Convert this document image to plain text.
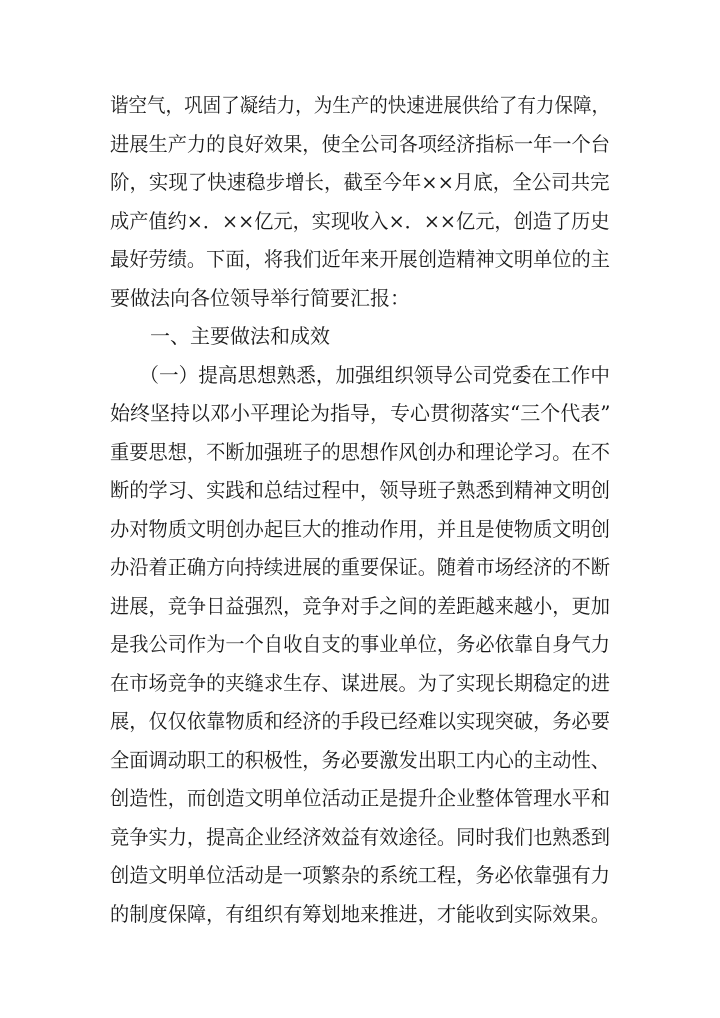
谐空气，巩固了凝结力，为生产的快速进展供给了有力保障，
进展生产力的良好效果，使全公司各项经济指标一年一个台
阶，实现了快速稳步增长，截至今年××月底，全公司共完
成产值约×．××亿元，实现收入×．××亿元，创造了历史
最好劳绩。下面，将我们近年来开展创造精神文明单位的主
要做法向各位领导举行简要汇报：
　　一、主要做法和成效
　　（一）提高思想熟悉，加强组织领导公司党委在工作中
始终坚持以邓小平理论为指导，专心贯彻落实“三个代表”
重要思想，不断加强班子的思想作风创办和理论学习。在不
断的学习、实践和总结过程中，领导班子熟悉到精神文明创
办对物质文明创办起巨大的推动作用，并且是使物质文明创
办沿着正确方向持续进展的重要保证。随着市场经济的不断
进展，竞争日益强烈，竞争对手之间的差距越来越小，更加
是我公司作为一个自收自支的事业单位，务必依靠自身气力
在市场竞争的夹缝求生存、谋进展。为了实现长期稳定的进
展，仅仅依靠物质和经济的手段已经难以实现突破，务必要
全面调动职工的积极性，务必要激发出职工内心的主动性、
创造性，而创造文明单位活动正是提升企业整体管理水平和
竞争实力，提高企业经济效益有效途径。同时我们也熟悉到
创造文明单位活动是一项繁杂的系统工程，务必依靠强有力
的制度保障，有组织有筹划地来推进，才能收到实际效果。
